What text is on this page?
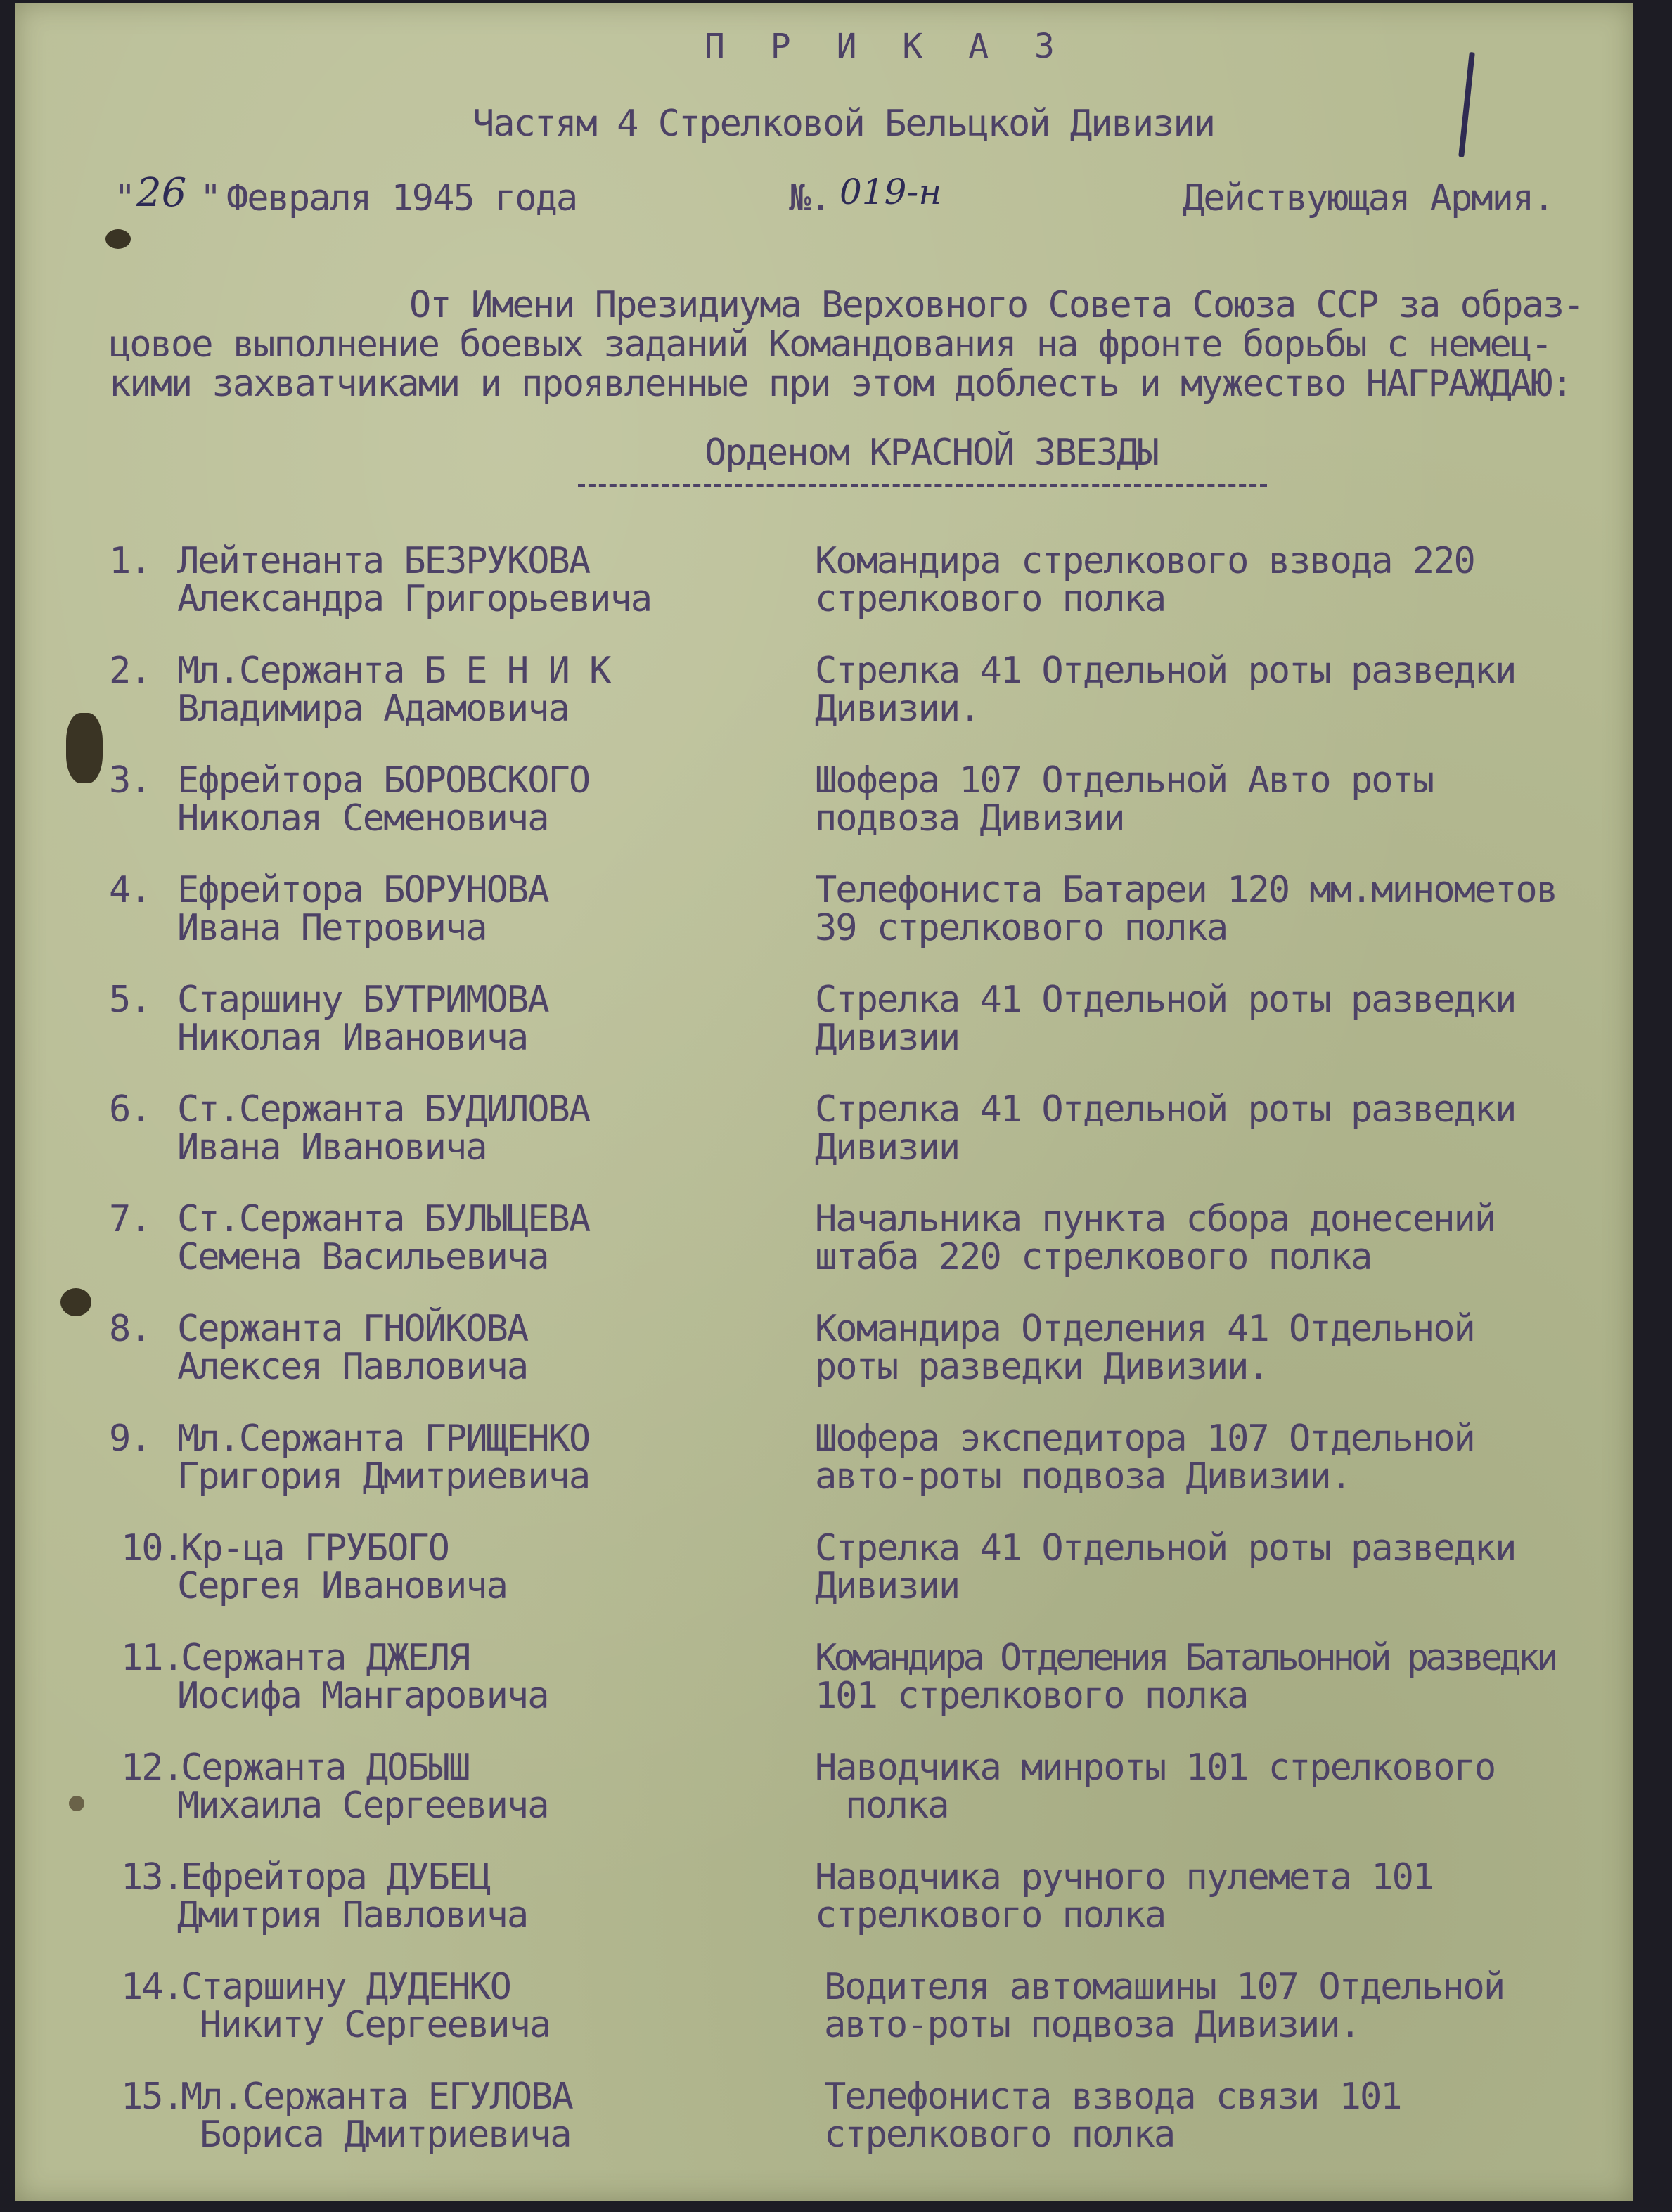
П Р И К А З
Частям 4 Стрелковой Бельцкой Дивизии
" 26 " Февраля 1945 года	№. 019-н	Действующая Армия.
От Имени Президиума Верховного Совета Союза ССР за образ-
цовое выполнение боевых заданий Командования на фронте борьбы с немец-
кими захватчиками и проявленные при этом доблесть и мужество НАГРАЖДАЮ:
Орденом КРАСНОЙ ЗВЕЗДЫ
1. Лейтенанта БЕЗРУКОВА
Александра Григорьевича
Командира стрелкового взвода 220
стрелкового полка
2. Мл.Сержанта Б Е Н И К
Владимира Адамовича
Стрелка 41 Отдельной роты разведки
Дивизии.
3. Ефрейтора БОРОВСКОГО
Николая Семеновича
Шофера 107 Отдельной Авто роты
подвоза Дивизии
4. Ефрейтора БОРУНОВА
Ивана Петровича
Телефониста Батареи 120 мм.минометов
39 стрелкового полка
5. Старшину БУТРИМОВА
Николая Ивановича
Стрелка 41 Отдельной роты разведки
Дивизии
6. Ст.Сержанта БУДИЛОВА
Ивана Ивановича
Стрелка 41 Отдельной роты разведки
Дивизии
7. Ст.Сержанта БУЛЫЦЕВА
Семена Васильевича
Начальника пункта сбора донесений
штаба 220 стрелкового полка
8. Сержанта ГНОЙКОВА
Алексея Павловича
Командира Отделения 41 Отдельной
роты разведки Дивизии.
9. Мл.Сержанта ГРИЩЕНКО
Григория Дмитриевича
Шофера экспедитора 107 Отдельной
авто-роты подвоза Дивизии.
10.
Кр-ца ГРУБОГО
Сергея Ивановича
Стрелка 41 Отдельной роты разведки
Дивизии
11.
Сержанта ДЖЕЛЯ
Иосифа Мангаровича
Командира Отделения Батальонной разведки
101 стрелкового полка
12.
Сержанта ДОБЫШ
Михаила Сергеевича
Наводчика минроты 101 стрелкового
полка
13.
Ефрейтора ДУБЕЦ
Дмитрия Павловича
Наводчика ручного пулемета 101
стрелкового полка
14.
Старшину ДУДЕНКО
Никиту Сергеевича
Водителя автомашины 107 Отдельной
авто-роты подвоза Дивизии.
15.
Мл.Сержанта ЕГУЛОВА
Бориса Дмитриевича
Телефониста взвода связи 101
стрелкового полка
